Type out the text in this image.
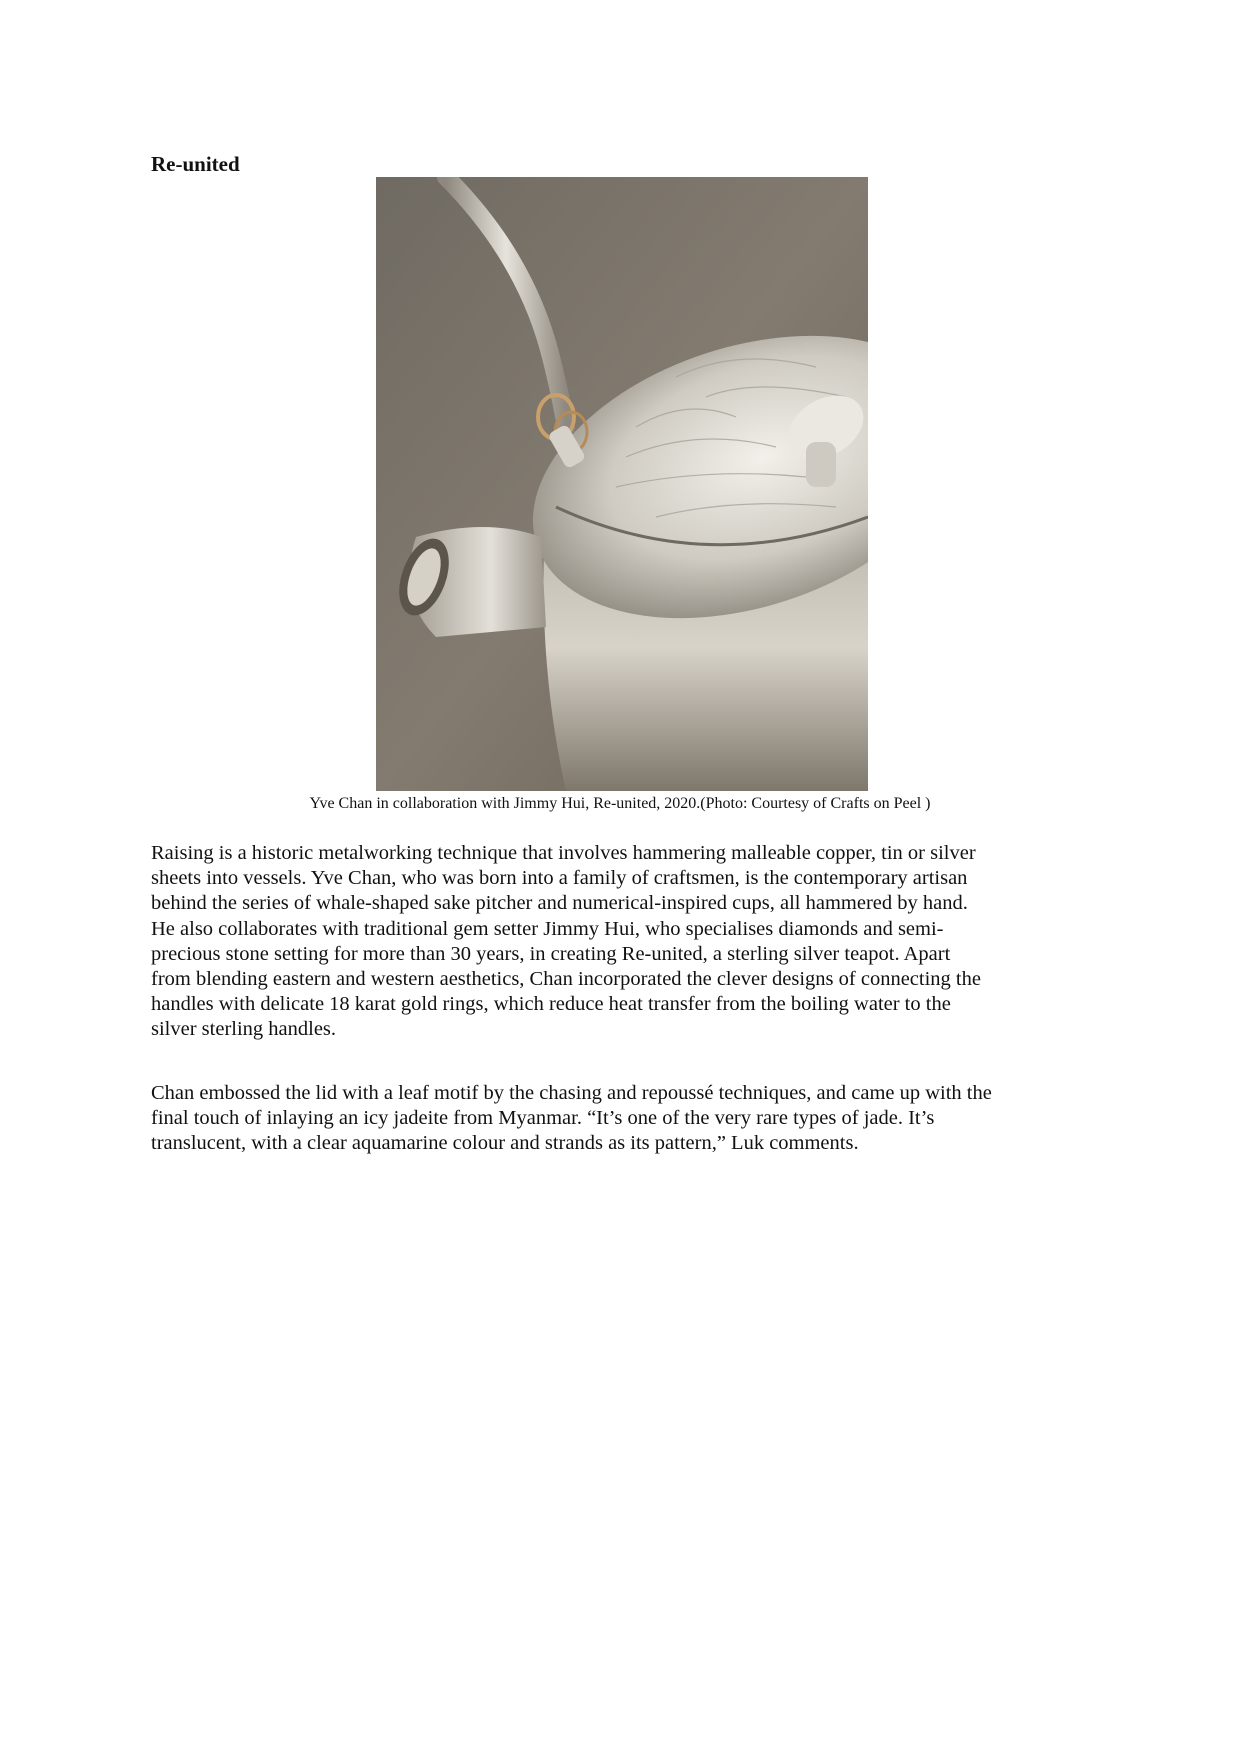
Re-united
Yve Chan in collaboration with Jimmy Hui, Re-united, 2020.(Photo: Courtesy of Crafts on Peel )

Raising is a historic metalworking technique that involves hammering malleable copper, tin or silver
sheets into vessels. Yve Chan, who was born into a family of craftsmen, is the contemporary artisan
behind the series of whale-shaped sake pitcher and numerical-inspired cups, all hammered by hand.
He also collaborates with traditional gem setter Jimmy Hui, who specialises diamonds and semi-
precious stone setting for more than 30 years, in creating Re-united, a sterling silver teapot. Apart
from blending eastern and western aesthetics, Chan incorporated the clever designs of connecting the
handles with delicate 18 karat gold rings, which reduce heat transfer from the boiling water to the
silver sterling handles.

Chan embossed the lid with a leaf motif by the chasing and repoussé techniques, and came up with the
final touch of inlaying an icy jadeite from Myanmar. “It’s one of the very rare types of jade. It’s
translucent, with a clear aquamarine colour and strands as its pattern,” Luk comments.
